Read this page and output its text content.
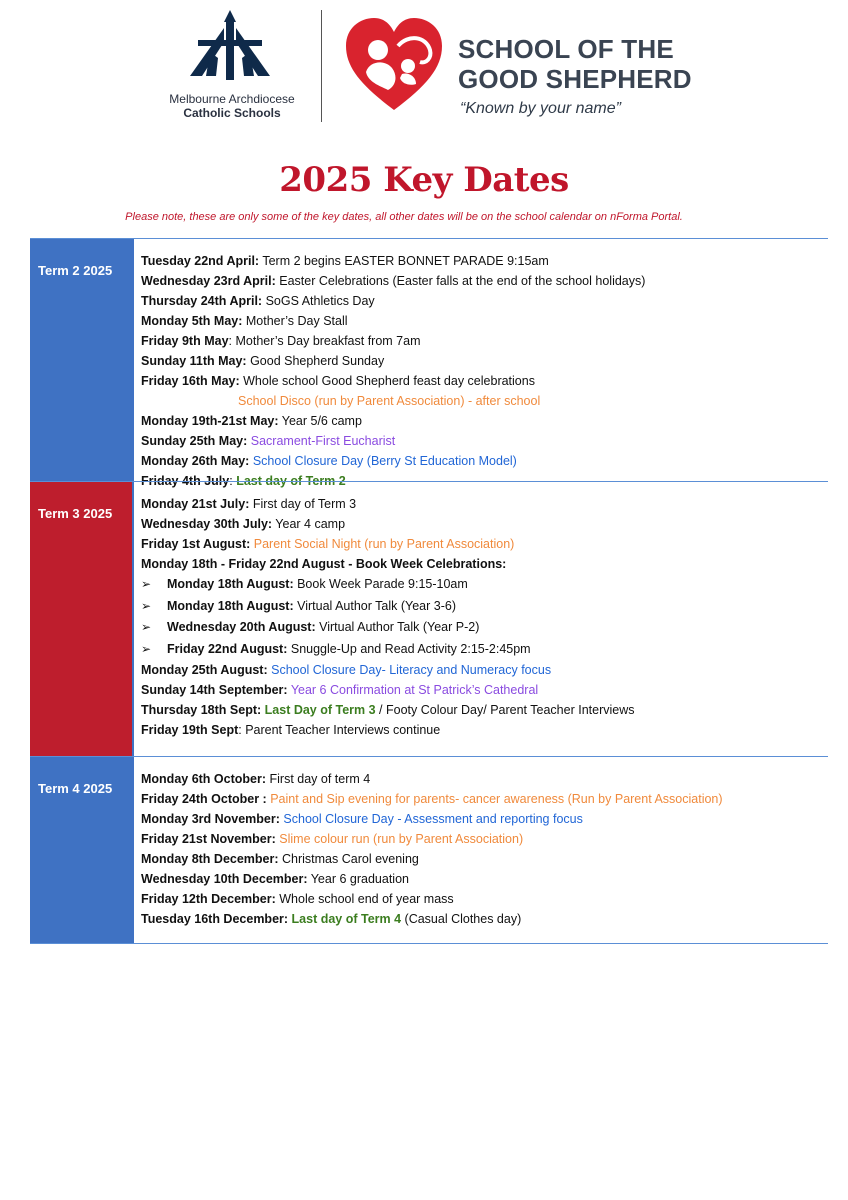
Melbourne Archdiocese
Catholic Schools
SCHOOL OF THE
GOOD SHEPHERD
“Known by your name”
2025 Key Dates
Please note, these are only some of the key dates, all other dates will be on the school calendar on nForma Portal.
Term 2 2025
Tuesday 22nd April: Term 2 begins EASTER BONNET PARADE 9:15am
Wednesday 23rd April: Easter Celebrations (Easter falls at the end of the school holidays)
Thursday 24th April: SoGS Athletics Day
Monday 5th May: Mother’s Day Stall
Friday 9th May: Mother’s Day breakfast from 7am
Sunday 11th May: Good Shepherd Sunday
Friday 16th May: Whole school Good Shepherd feast day celebrations
School Disco (run by Parent Association) - after school
Monday 19th-21st May: Year 5/6 camp
Sunday 25th May: Sacrament-First Eucharist
Monday 26th May: School Closure Day (Berry St Education Model)
Friday 4th July: Last day of Term 2
Term 3 2025
Monday 21st July: First day of Term 3
Wednesday 30th July: Year 4 camp
Friday 1st August: Parent Social Night (run by Parent Association)
Monday 18th - Friday 22nd August - Book Week Celebrations:
➢ Monday 18th August: Book Week Parade 9:15-10am
➢ Monday 18th August: Virtual Author Talk (Year 3-6)
➢ Wednesday 20th August: Virtual Author Talk (Year P-2)
➢ Friday 22nd August: Snuggle-Up and Read Activity 2:15-2:45pm
Monday 25th August: School Closure Day- Literacy and Numeracy focus
Sunday 14th September: Year 6 Confirmation at St Patrick’s Cathedral
Thursday 18th Sept: Last Day of Term 3 / Footy Colour Day/ Parent Teacher Interviews
Friday 19th Sept: Parent Teacher Interviews continue
Term 4 2025
Monday 6th October: First day of term 4
Friday 24th October : Paint and Sip evening for parents- cancer awareness (Run by Parent Association)
Monday 3rd November: School Closure Day - Assessment and reporting focus
Friday 21st November: Slime colour run (run by Parent Association)
Monday 8th December: Christmas Carol evening
Wednesday 10th December: Year 6 graduation
Friday 12th December: Whole school end of year mass
Tuesday 16th December: Last day of Term 4 (Casual Clothes day)
